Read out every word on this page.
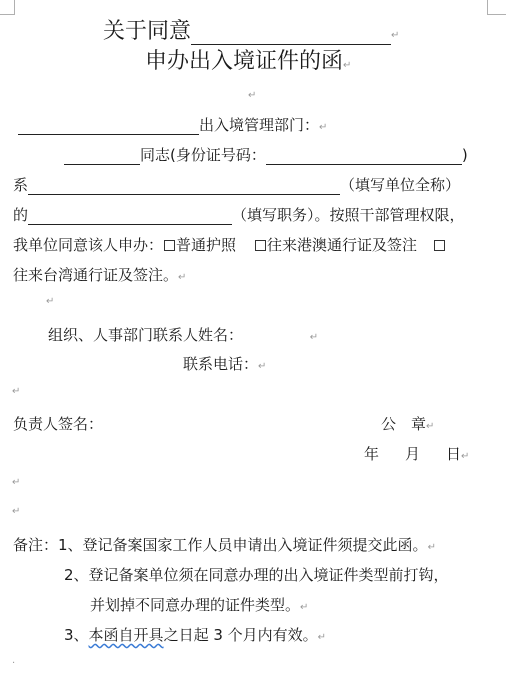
关于同意	↵
申办出入境证件的函↵
↵
出入境管理部门：↵
同志(身份证号码：	)
系	（填写单位全称）
的	（填写职务）。按照干部管理权限，
我单位同意该人申办： 普通护照 往来港澳通行证及签注
往来台湾通行证及签注。↵
↵
组织、人事部门联系人姓名：	↵
联系电话：↵
↵
负责人签名：	公　章↵
年 月 日↵
↵
↵
备注：1、登记备案国家工作人员申请出入境证件须提交此函。↵
2、登记备案单位须在同意办理的出入境证件类型前打钩，
并划掉不同意办理的证件类型。↵
3、本函自开具之日起 3 个月内有效。↵
·
